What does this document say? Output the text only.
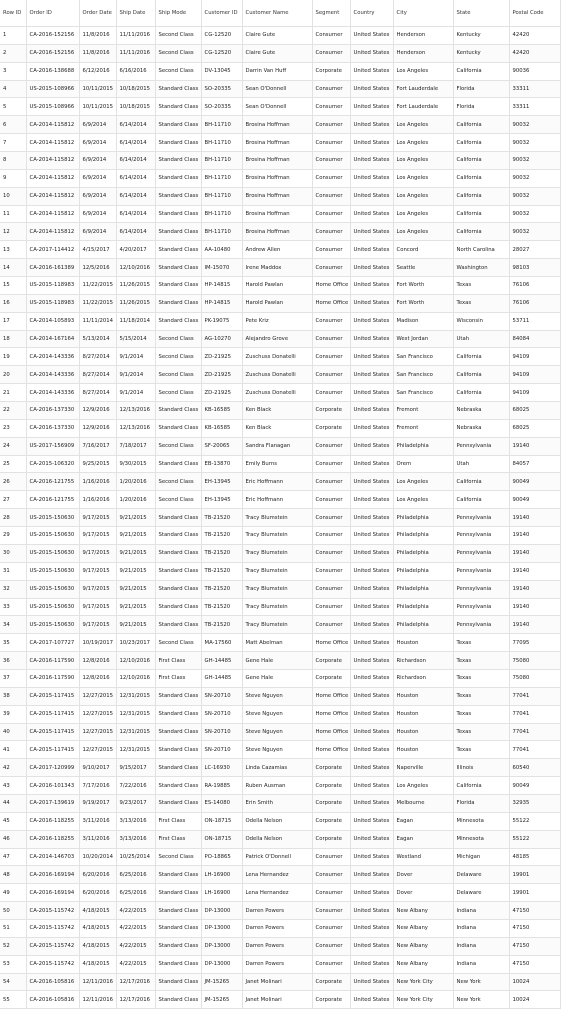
Row ID	Order ID	Order Date	Ship Date	Ship Mode	Customer ID	Customer Name	Segment	Country	City	State	Postal Code
1	CA-2016-152156	11/8/2016	11/11/2016	Second Class	CG-12520	Claire Gute	Consumer	United States	Henderson	Kentucky	42420
2	CA-2016-152156	11/8/2016	11/11/2016	Second Class	CG-12520	Claire Gute	Consumer	United States	Henderson	Kentucky	42420
3	CA-2016-138688	6/12/2016	6/16/2016	Second Class	DV-13045	Darrin Van Huff	Corporate	United States	Los Angeles	California	90036
4	US-2015-108966	10/11/2015	10/18/2015	Standard Class	SO-20335	Sean O'Donnell	Consumer	United States	Fort Lauderdale	Florida	33311
5	US-2015-108966	10/11/2015	10/18/2015	Standard Class	SO-20335	Sean O'Donnell	Consumer	United States	Fort Lauderdale	Florida	33311
6	CA-2014-115812	6/9/2014	6/14/2014	Standard Class	BH-11710	Brosina Hoffman	Consumer	United States	Los Angeles	California	90032
7	CA-2014-115812	6/9/2014	6/14/2014	Standard Class	BH-11710	Brosina Hoffman	Consumer	United States	Los Angeles	California	90032
8	CA-2014-115812	6/9/2014	6/14/2014	Standard Class	BH-11710	Brosina Hoffman	Consumer	United States	Los Angeles	California	90032
9	CA-2014-115812	6/9/2014	6/14/2014	Standard Class	BH-11710	Brosina Hoffman	Consumer	United States	Los Angeles	California	90032
10	CA-2014-115812	6/9/2014	6/14/2014	Standard Class	BH-11710	Brosina Hoffman	Consumer	United States	Los Angeles	California	90032
11	CA-2014-115812	6/9/2014	6/14/2014	Standard Class	BH-11710	Brosina Hoffman	Consumer	United States	Los Angeles	California	90032
12	CA-2014-115812	6/9/2014	6/14/2014	Standard Class	BH-11710	Brosina Hoffman	Consumer	United States	Los Angeles	California	90032
13	CA-2017-114412	4/15/2017	4/20/2017	Standard Class	AA-10480	Andrew Allen	Consumer	United States	Concord	North Carolina	28027
14	CA-2016-161389	12/5/2016	12/10/2016	Standard Class	IM-15070	Irene Maddox	Consumer	United States	Seattle	Washington	98103
15	US-2015-118983	11/22/2015	11/26/2015	Standard Class	HP-14815	Harold Pawlan	Home Office	United States	Fort Worth	Texas	76106
16	US-2015-118983	11/22/2015	11/26/2015	Standard Class	HP-14815	Harold Pawlan	Home Office	United States	Fort Worth	Texas	76106
17	CA-2014-105893	11/11/2014	11/18/2014	Standard Class	PK-19075	Pete Kriz	Consumer	United States	Madison	Wisconsin	53711
18	CA-2014-167164	5/13/2014	5/15/2014	Second Class	AG-10270	Alejandro Grove	Consumer	United States	West Jordan	Utah	84084
19	CA-2014-143336	8/27/2014	9/1/2014	Second Class	ZD-21925	Zuschuss Donatelli	Consumer	United States	San Francisco	California	94109
20	CA-2014-143336	8/27/2014	9/1/2014	Second Class	ZD-21925	Zuschuss Donatelli	Consumer	United States	San Francisco	California	94109
21	CA-2014-143336	8/27/2014	9/1/2014	Second Class	ZD-21925	Zuschuss Donatelli	Consumer	United States	San Francisco	California	94109
22	CA-2016-137330	12/9/2016	12/13/2016	Standard Class	KB-16585	Ken Black	Corporate	United States	Fremont	Nebraska	68025
23	CA-2016-137330	12/9/2016	12/13/2016	Standard Class	KB-16585	Ken Black	Corporate	United States	Fremont	Nebraska	68025
24	US-2017-156909	7/16/2017	7/18/2017	Second Class	SF-20065	Sandra Flanagan	Consumer	United States	Philadelphia	Pennsylvania	19140
25	CA-2015-106320	9/25/2015	9/30/2015	Standard Class	EB-13870	Emily Burns	Consumer	United States	Orem	Utah	84057
26	CA-2016-121755	1/16/2016	1/20/2016	Second Class	EH-13945	Eric Hoffmann	Consumer	United States	Los Angeles	California	90049
27	CA-2016-121755	1/16/2016	1/20/2016	Second Class	EH-13945	Eric Hoffmann	Consumer	United States	Los Angeles	California	90049
28	US-2015-150630	9/17/2015	9/21/2015	Standard Class	TB-21520	Tracy Blumstein	Consumer	United States	Philadelphia	Pennsylvania	19140
29	US-2015-150630	9/17/2015	9/21/2015	Standard Class	TB-21520	Tracy Blumstein	Consumer	United States	Philadelphia	Pennsylvania	19140
30	US-2015-150630	9/17/2015	9/21/2015	Standard Class	TB-21520	Tracy Blumstein	Consumer	United States	Philadelphia	Pennsylvania	19140
31	US-2015-150630	9/17/2015	9/21/2015	Standard Class	TB-21520	Tracy Blumstein	Consumer	United States	Philadelphia	Pennsylvania	19140
32	US-2015-150630	9/17/2015	9/21/2015	Standard Class	TB-21520	Tracy Blumstein	Consumer	United States	Philadelphia	Pennsylvania	19140
33	US-2015-150630	9/17/2015	9/21/2015	Standard Class	TB-21520	Tracy Blumstein	Consumer	United States	Philadelphia	Pennsylvania	19140
34	US-2015-150630	9/17/2015	9/21/2015	Standard Class	TB-21520	Tracy Blumstein	Consumer	United States	Philadelphia	Pennsylvania	19140
35	CA-2017-107727	10/19/2017	10/23/2017	Second Class	MA-17560	Matt Abelman	Home Office	United States	Houston	Texas	77095
36	CA-2016-117590	12/8/2016	12/10/2016	First Class	GH-14485	Gene Hale	Corporate	United States	Richardson	Texas	75080
37	CA-2016-117590	12/8/2016	12/10/2016	First Class	GH-14485	Gene Hale	Corporate	United States	Richardson	Texas	75080
38	CA-2015-117415	12/27/2015	12/31/2015	Standard Class	SN-20710	Steve Nguyen	Home Office	United States	Houston	Texas	77041
39	CA-2015-117415	12/27/2015	12/31/2015	Standard Class	SN-20710	Steve Nguyen	Home Office	United States	Houston	Texas	77041
40	CA-2015-117415	12/27/2015	12/31/2015	Standard Class	SN-20710	Steve Nguyen	Home Office	United States	Houston	Texas	77041
41	CA-2015-117415	12/27/2015	12/31/2015	Standard Class	SN-20710	Steve Nguyen	Home Office	United States	Houston	Texas	77041
42	CA-2017-120999	9/10/2017	9/15/2017	Standard Class	LC-16930	Linda Cazamias	Corporate	United States	Naperville	Illinois	60540
43	CA-2016-101343	7/17/2016	7/22/2016	Standard Class	RA-19885	Ruben Ausman	Corporate	United States	Los Angeles	California	90049
44	CA-2017-139619	9/19/2017	9/23/2017	Standard Class	ES-14080	Erin Smith	Corporate	United States	Melbourne	Florida	32935
45	CA-2016-118255	3/11/2016	3/13/2016	First Class	ON-18715	Odella Nelson	Corporate	United States	Eagan	Minnesota	55122
46	CA-2016-118255	3/11/2016	3/13/2016	First Class	ON-18715	Odella Nelson	Corporate	United States	Eagan	Minnesota	55122
47	CA-2014-146703	10/20/2014	10/25/2014	Second Class	PO-18865	Patrick O'Donnell	Consumer	United States	Westland	Michigan	48185
48	CA-2016-169194	6/20/2016	6/25/2016	Standard Class	LH-16900	Lena Hernandez	Consumer	United States	Dover	Delaware	19901
49	CA-2016-169194	6/20/2016	6/25/2016	Standard Class	LH-16900	Lena Hernandez	Consumer	United States	Dover	Delaware	19901
50	CA-2015-115742	4/18/2015	4/22/2015	Standard Class	DP-13000	Darren Powers	Consumer	United States	New Albany	Indiana	47150
51	CA-2015-115742	4/18/2015	4/22/2015	Standard Class	DP-13000	Darren Powers	Consumer	United States	New Albany	Indiana	47150
52	CA-2015-115742	4/18/2015	4/22/2015	Standard Class	DP-13000	Darren Powers	Consumer	United States	New Albany	Indiana	47150
53	CA-2015-115742	4/18/2015	4/22/2015	Standard Class	DP-13000	Darren Powers	Consumer	United States	New Albany	Indiana	47150
54	CA-2016-105816	12/11/2016	12/17/2016	Standard Class	JM-15265	Janet Molinari	Corporate	United States	New York City	New York	10024
55	CA-2016-105816	12/11/2016	12/17/2016	Standard Class	JM-15265	Janet Molinari	Corporate	United States	New York City	New York	10024
